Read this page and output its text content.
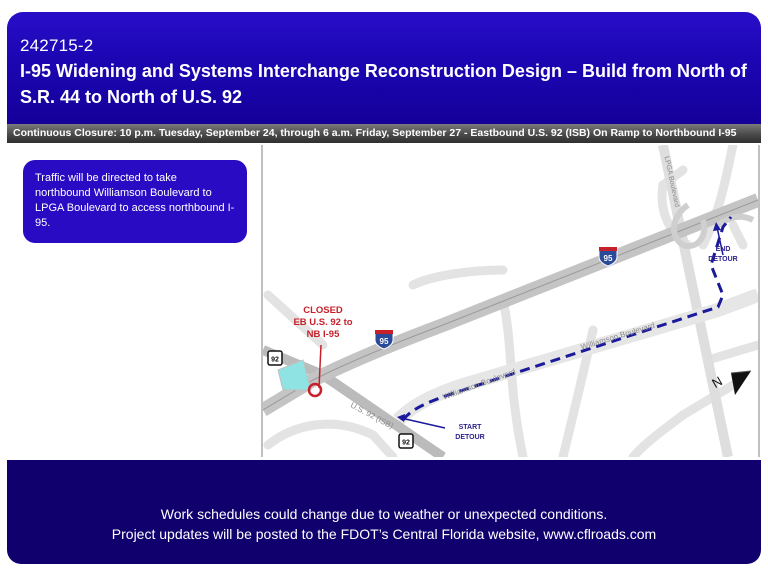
242715-2
I-95 Widening and Systems Interchange Reconstruction Design – Build from North of S.R. 44 to North of U.S. 92
Continuous Closure: 10 p.m. Tuesday, September 24, through 6 a.m. Friday, September 27 - Eastbound U.S. 92 (ISB) On Ramp to Northbound I-95
Traffic will be directed to take northbound Williamson Boulevard to LPGA Boulevard to access northbound I-95.
95
95
92
92
CLOSED
EB U.S. 92 to
NB I-95
START
DETOUR
END
DETOUR
Williamson Boulevard
Williamson Boulevard
U.S. 92 (ISB)
LPGA Boulevard
N
Work schedules could change due to weather or unexpected conditions.
Project updates will be posted to the FDOT’s Central Florida website, www.cflroads.com
